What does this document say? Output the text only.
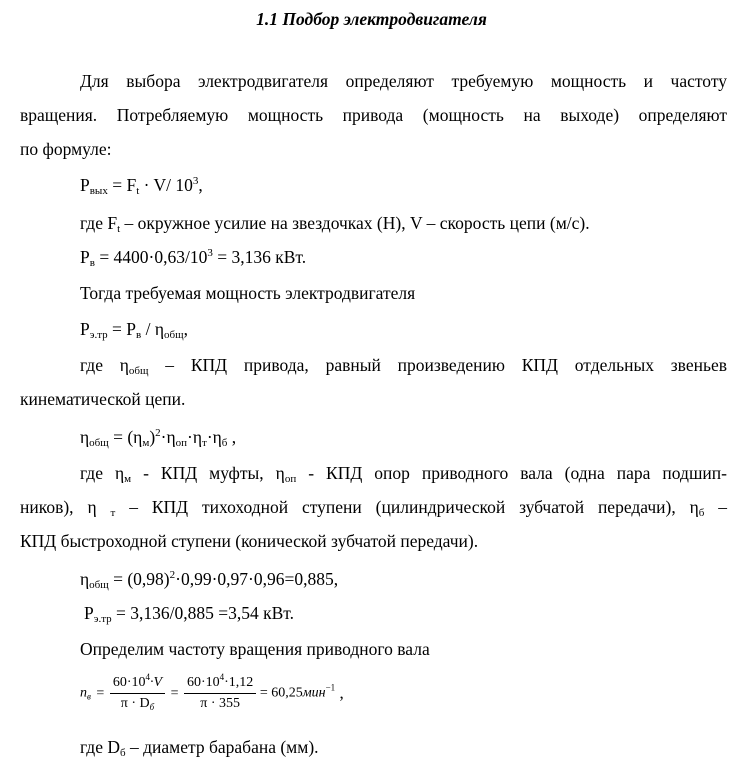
1.1 Подбор электродвигателя
Для выбора электродвигателя определяют требуемую мощность и частоту
вращения. Потребляемую мощность привода (мощность на выходе) определяют
по формуле:
$P_{вых} = F_t \cdot V/$ $10^3$,
где $F_t$ – окружное усилие на звездочках (Н), V – скорость цепи (м/с).
$P_в = 4400\cdot 0,63/10^3 = 3,136$ кВт.
Тогда требуемая мощность электродвигателя
$P_{э.тр} = P_в / \eta_{общ}$,
где $\eta_{общ}$ – КПД привода, равный произведению КПД отдельных звеньев
кинематической цепи.
$\eta_{общ} = (\eta_м)^2\cdot\eta_{оп}\cdot\eta_т\cdot\eta_б$ ,
где $\eta_м$ - КПД муфты, $\eta_{оп}$ - КПД опор приводного вала (одна пара подшип-
ников), η $_т$ – КПД тихоходной ступени (цилиндрической зубчатой передачи), $\eta_б$ –
КПД быстроходной ступени (конической зубчатой передачи).
$\eta_{общ} = (0,98)^2\cdot 0,99\cdot 0,97\cdot 0,96=0,885$,
$P_{э.тр} = 3,136/0,885 =3,54$ кВт.
Определим частоту вращения приводного вала
$n_в = \frac{60\cdot 10^4\cdot V}{\pi \cdot D_б} = \frac{60\cdot 10^4\cdot 1,12}{\pi \cdot 355} = 60,25мин^{-1}$ ,
где $D_б$ – диаметр барабана (мм).
